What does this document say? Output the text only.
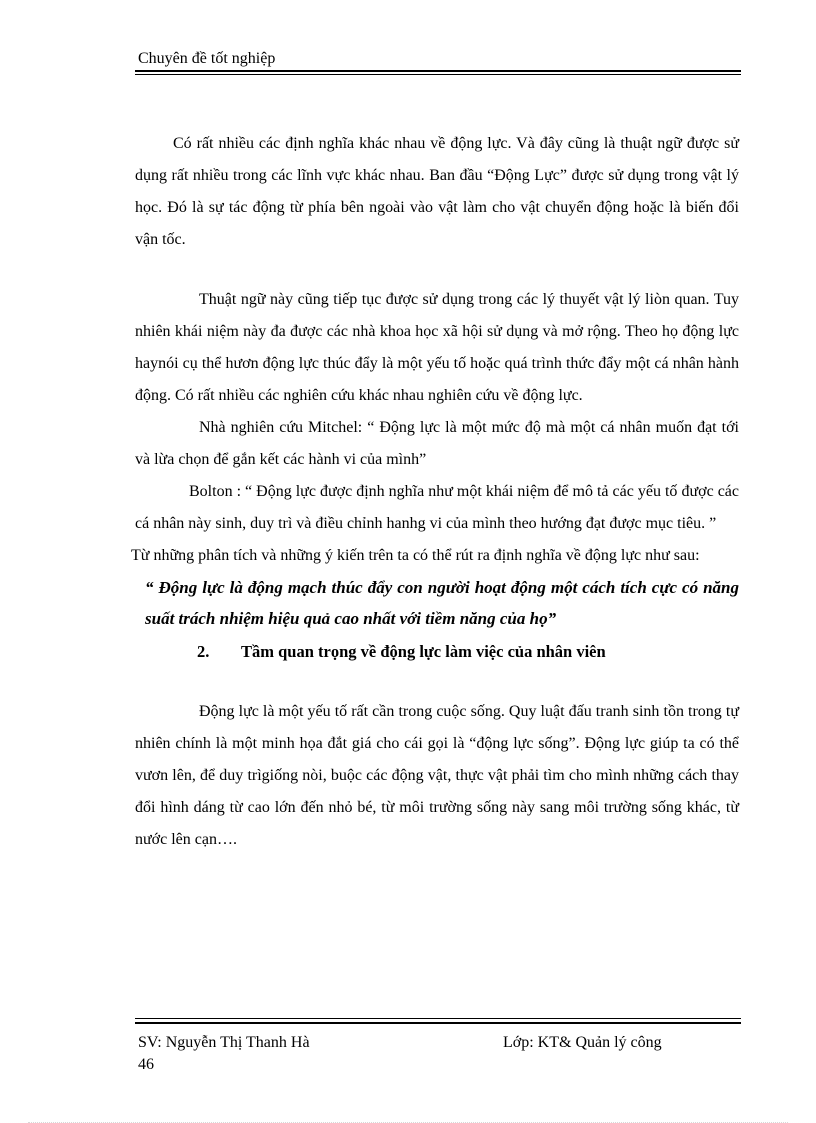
Chuyên đề tốt nghiệp

Có rất nhiều các định nghĩa khác nhau về động lực. Và đây cũng là thuật ngữ được sử dụng rất nhiều trong các lĩnh vực khác nhau. Ban đầu “Động Lực” được sử dụng trong vật lý học. Đó là sự tác động từ phía bên ngoài vào vật làm cho vật chuyển động hoặc là biến đổi vận tốc.

Thuật ngữ này cũng tiếp tục được sử dụng trong các lý thuyết vật lý liòn quan. Tuy nhiên khái niệm này đa được các nhà khoa học xã hội sử dụng và mở rộng. Theo họ động lực haynói cụ thể hươn động lực thúc đẩy là một yếu tố hoặc quá trình thức đẩy một cá nhân hành động. Có rất nhiều các nghiên cứu khác nhau nghiên cứu về động lực.

Nhà nghiên cứu Mitchel: “ Động lực là một mức độ mà một cá nhân muốn đạt tới và lừa chọn để gắn kết các hành vi của mình”

Bolton : “ Động lực được định nghĩa như một khái niệm để mô tả các yếu tố được các cá nhân này sinh, duy trì và điều chỉnh hanhg vi của mình theo hướng đạt được mục tiêu. ”

Từ những phân tích và những ý kiến trên ta có thể rút ra định nghĩa về động lực như sau:

“ Động lực là động mạch thúc đẩy con người hoạt động một cách tích cực có năng suất trách nhiệm hiệu quả cao nhất với tiềm năng của họ”

2. Tầm quan trọng về động lực làm việc của nhân viên

Động lực là một yếu tố rất cần trong cuộc sống. Quy luật đấu tranh sinh tồn trong tự nhiên chính là một minh họa đắt giá cho cái gọi là “động lực sống”. Động lực giúp ta có thể vươn lên, để duy trìgiống nòi, buộc các động vật, thực vật phải tìm cho mình những cách thay đổi hình dáng từ cao lớn đến nhỏ bé, từ môi trường sống này sang môi trường sống khác, từ nước lên cạn….

SV: Nguyễn Thị Thanh Hà	Lớp: KT& Quản lý công
46
